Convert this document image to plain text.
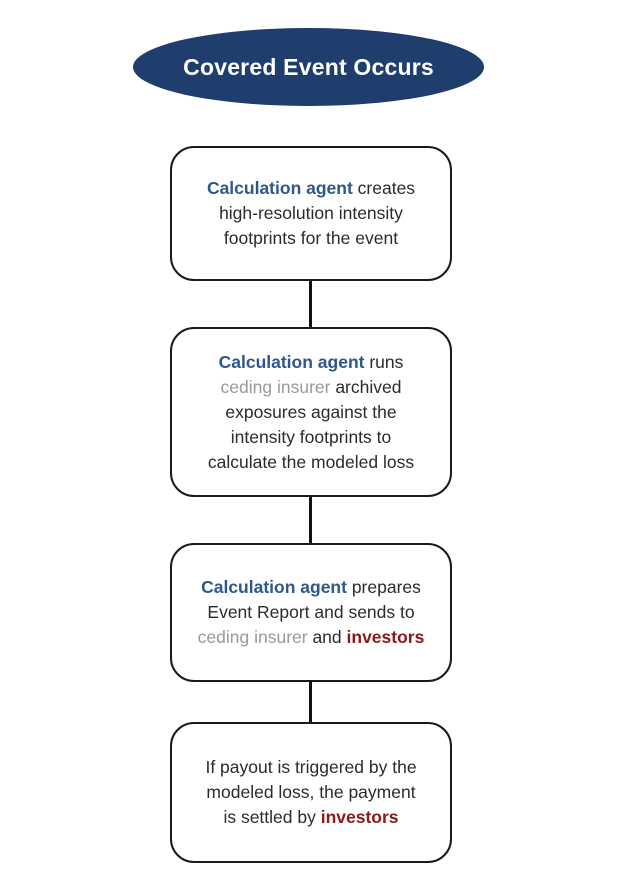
Covered Event Occurs
Calculation agent creates
high-resolution intensity
footprints for the event
Calculation agent runs
ceding insurer archived
exposures against the
intensity footprints to
calculate the modeled loss
Calculation agent prepares
Event Report and sends to
ceding insurer and investors
If payout is triggered by the
modeled loss, the payment
is settled by investors
